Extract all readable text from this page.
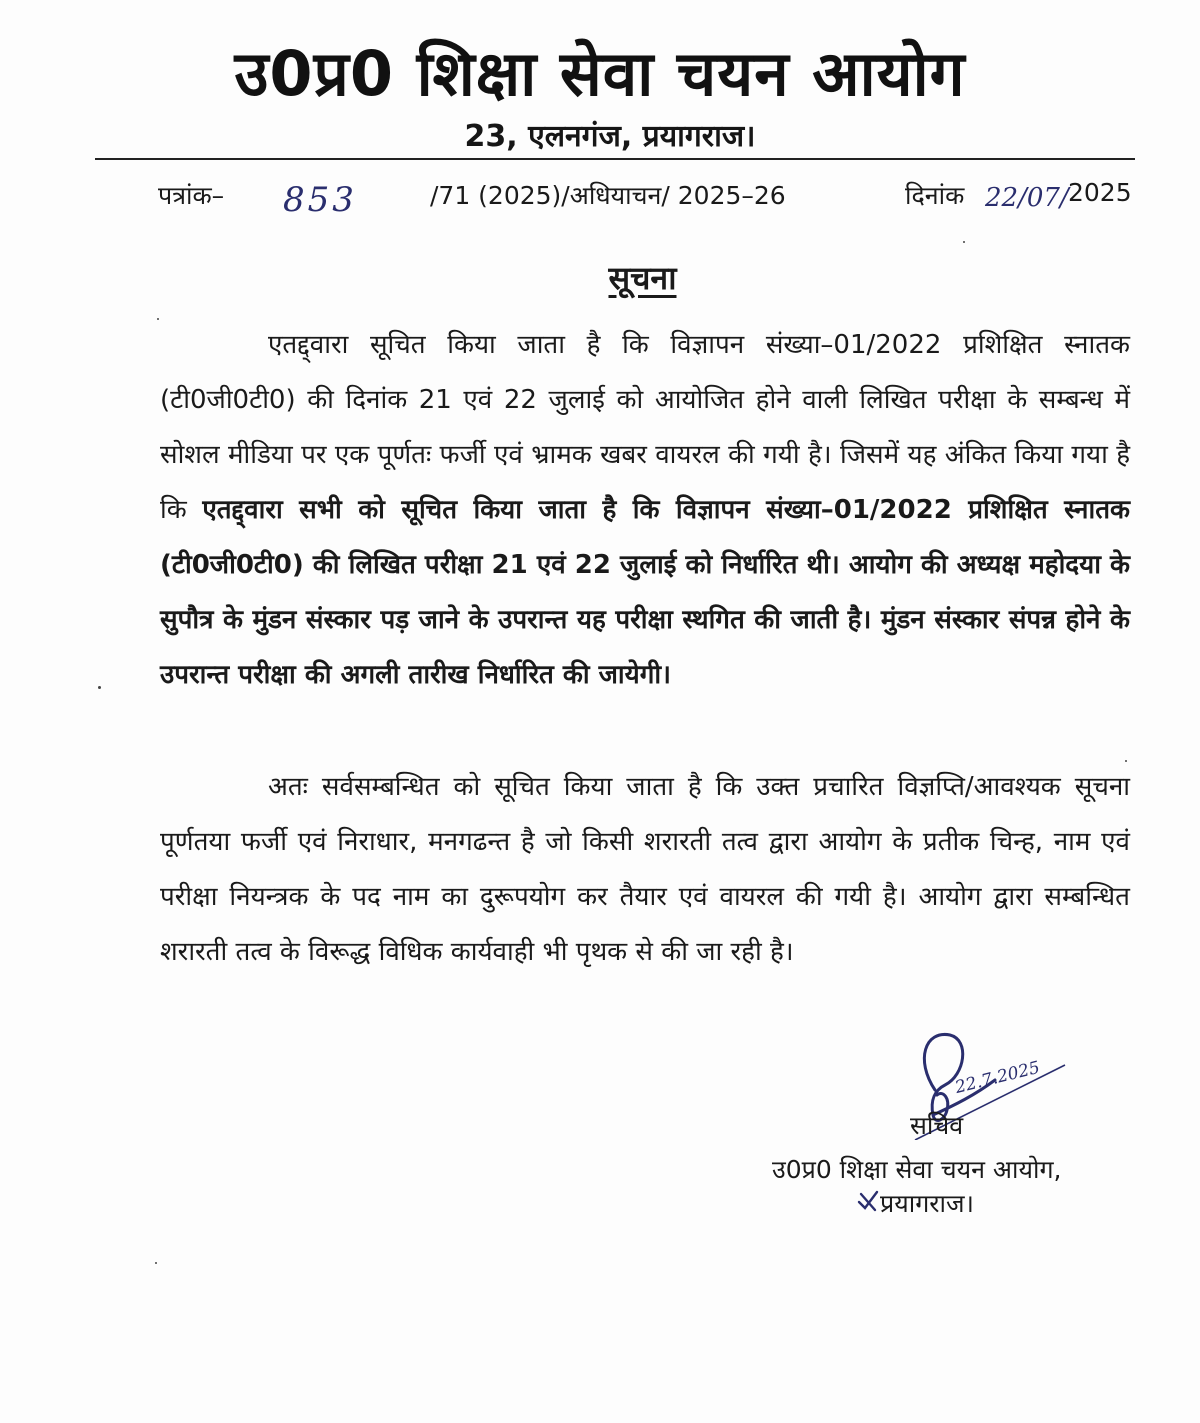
उ0प्र0 शिक्षा सेवा चयन आयोग
23, एलनगंज, प्रयागराज।
पत्रांक– 853	/71 (2025)/अधियाचन/ 2025–26	दिनांक 22/07/ 2025
सूचना

एतद्द्वारा सूचित किया जाता है कि विज्ञापन संख्या–01/2022 प्रशिक्षित स्नातक (टी0जी0टी0) की दिनांक 21 एवं 22 जुलाई को आयोजित होने वाली लिखित परीक्षा के सम्बन्ध में सोशल मीडिया पर एक पूर्णतः फर्जी एवं भ्रामक खबर वायरल की गयी है। जिसमें यह अंकित किया गया है कि एतद्द्वारा सभी को सूचित किया जाता है कि विज्ञापन संख्या–01/2022 प्रशिक्षित स्नातक (टी0जी0टी0) की लिखित परीक्षा 21 एवं 22 जुलाई को निर्धारित थी। आयोग की अध्यक्ष महोदया के सुपौत्र के मुंडन संस्कार पड़ जाने के उपरान्त यह परीक्षा स्थगित की जाती है। मुंडन संस्कार संपन्न होने के उपरान्त परीक्षा की अगली तारीख निर्धारित की जायेगी।

अतः सर्वसम्बन्धित को सूचित किया जाता है कि उक्त प्रचारित विज्ञप्ति/आवश्यक सूचना पूर्णतया फर्जी एवं निराधार, मनगढन्त है जो किसी शरारती तत्व द्वारा आयोग के प्रतीक चिन्ह, नाम एवं परीक्षा नियन्त्रक के पद नाम का दुरूपयोग कर तैयार एवं वायरल की गयी है। आयोग द्वारा सम्बन्धित शरारती तत्व के विरूद्ध विधिक कार्यवाही भी पृथक से की जा रही है।

22.7.2025
सचिव
उ0प्र0 शिक्षा सेवा चयन आयोग,
प्रयागराज।
